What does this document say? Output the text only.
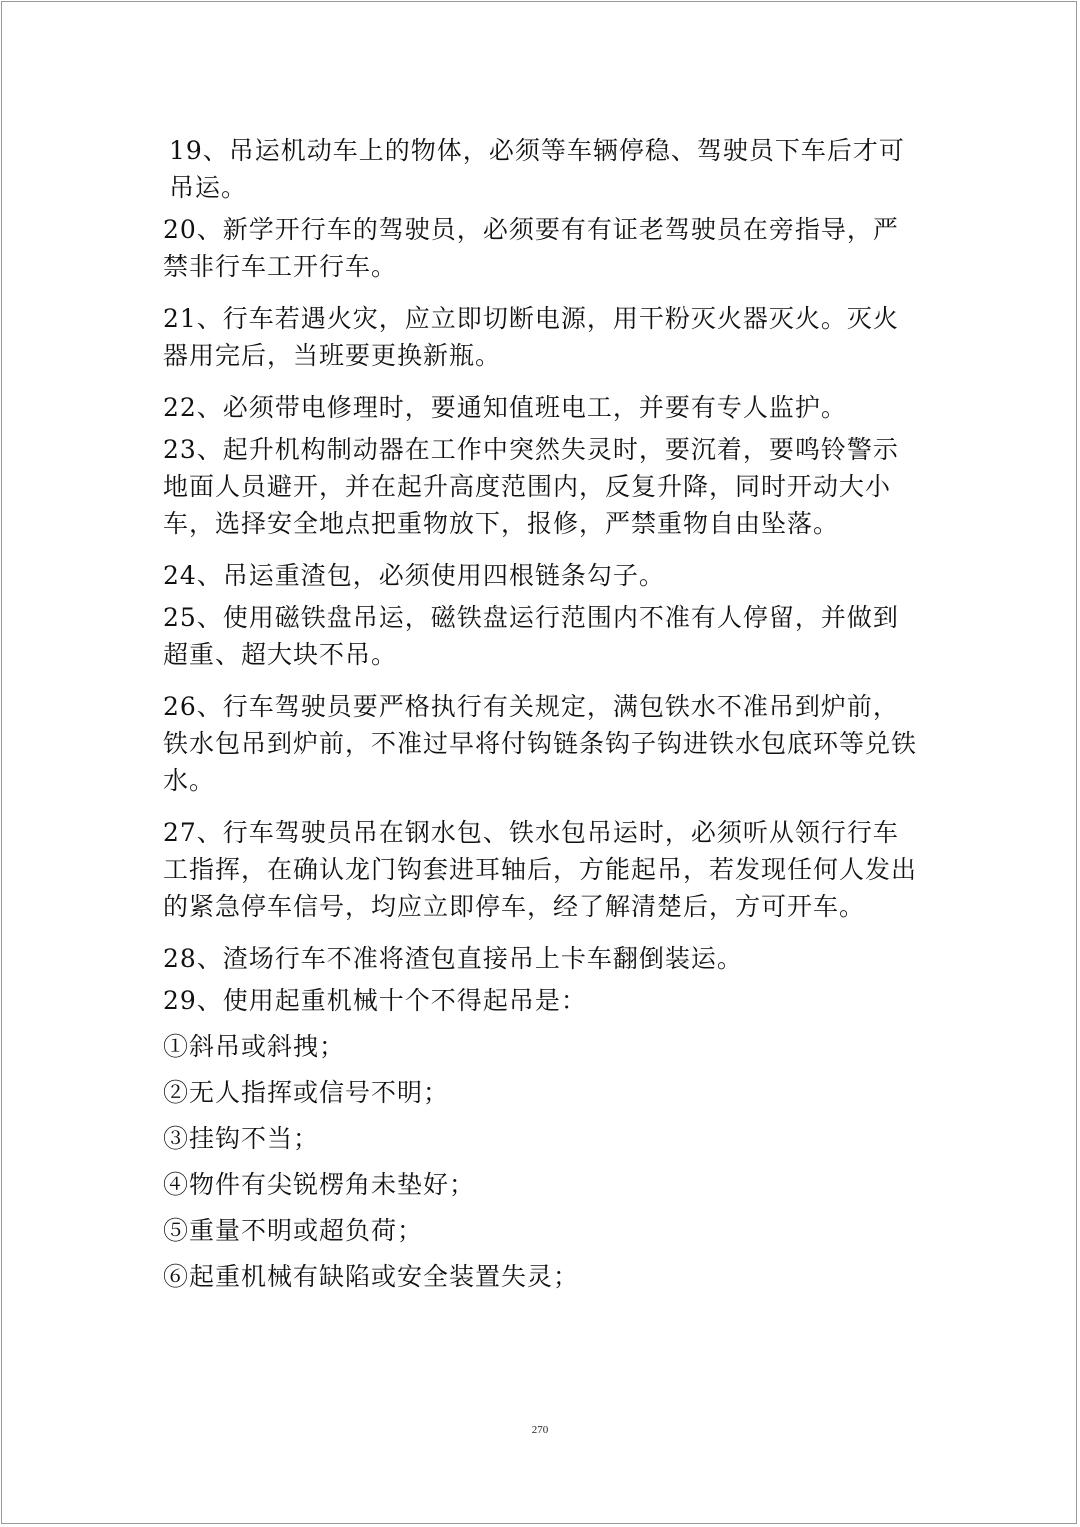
19、吊运机动车上的物体，必须等车辆停稳、驾驶员下车后才可吊运。

20、新学开行车的驾驶员，必须要有有证老驾驶员在旁指导，严禁非行车工开行车。

21、行车若遇火灾，应立即切断电源，用干粉灭火器灭火。灭火器用完后，当班要更换新瓶。

22、必须带电修理时，要通知值班电工，并要有专人监护。

23、起升机构制动器在工作中突然失灵时，要沉着，要鸣铃警示地面人员避开，并在起升高度范围内，反复升降，同时开动大小车，选择安全地点把重物放下，报修，严禁重物自由坠落。

24、吊运重渣包，必须使用四根链条勾子。

25、使用磁铁盘吊运，磁铁盘运行范围内不准有人停留，并做到超重、超大块不吊。

26、行车驾驶员要严格执行有关规定，满包铁水不准吊到炉前，铁水包吊到炉前，不准过早将付钩链条钩子钩进铁水包底环等兑铁水。

27、行车驾驶员吊在钢水包、铁水包吊运时，必须听从领行行车工指挥，在确认龙门钩套进耳轴后，方能起吊，若发现任何人发出的紧急停车信号，均应立即停车，经了解清楚后，方可开车。

28、渣场行车不准将渣包直接吊上卡车翻倒装运。

29、使用起重机械十个不得起吊是：

①斜吊或斜拽；

②无人指挥或信号不明；

③挂钩不当；

④物件有尖锐楞角未垫好；

⑤重量不明或超负荷；

⑥起重机械有缺陷或安全装置失灵；

270
